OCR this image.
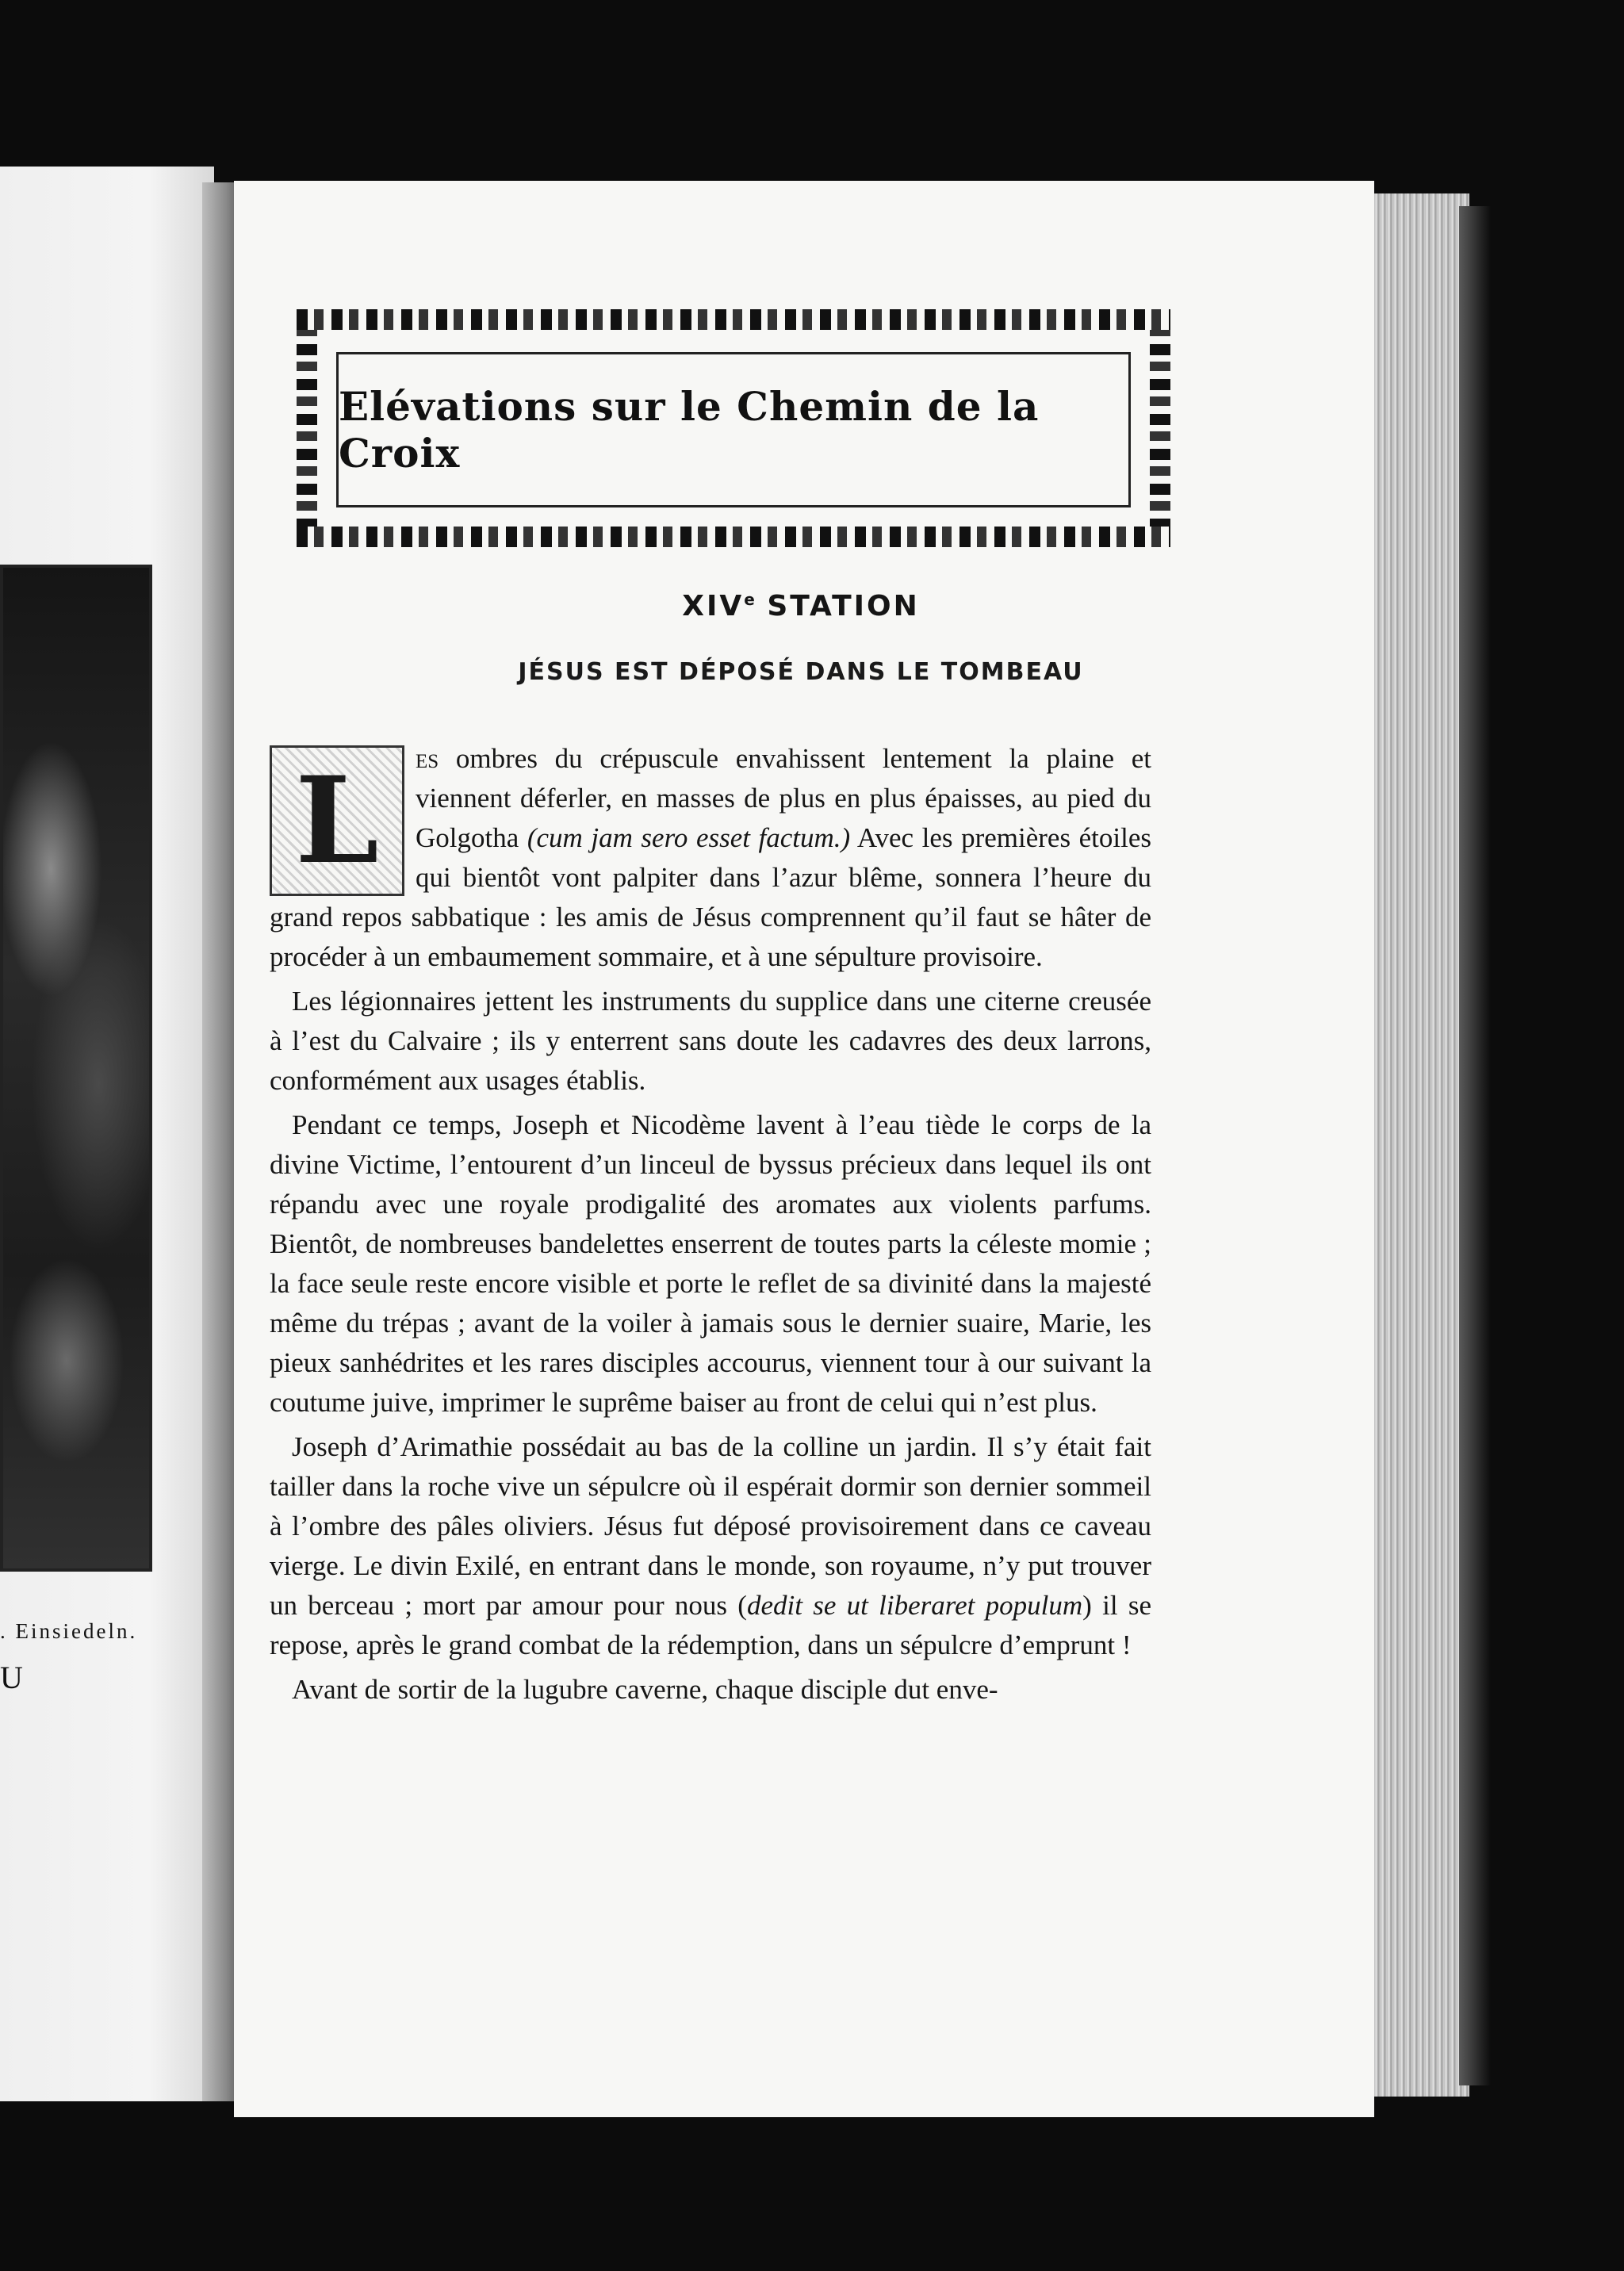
. Einsiedeln.
U
Elévations sur le Chemin de la Croix
XIVe STATION
JÉSUS EST DÉPOSÉ DANS LE TOMBEAU

L	es ombres du crépuscule envahissent lentement la plaine et viennent déferler, en masses de plus en plus épaisses, au pied du Golgotha (cum jam sero esset factum.) Avec les premières étoiles qui bientôt vont palpiter dans l’azur blême, sonnera l’heure du grand repos sabbatique : les amis de Jésus comprennent qu’il faut se hâter de procéder à un embaumement sommaire, et à une sépulture provisoire.

Les légionnaires jettent les instruments du supplice dans une citerne creusée à l’est du Calvaire ; ils y enterrent sans doute les cadavres des deux larrons, conformément aux usages établis.

Pendant ce temps, Joseph et Nicodème lavent à l’eau tiède le corps de la divine Victime, l’entourent d’un linceul de byssus précieux dans lequel ils ont répandu avec une royale prodigalité des aromates aux violents parfums. Bientôt, de nombreuses bandelettes enserrent de toutes parts la céleste momie ; la face seule reste encore visible et porte le reflet de sa divinité dans la majesté même du trépas ; avant de la voiler à jamais sous le dernier suaire, Marie, les pieux sanhédrites et les rares disciples accourus, viennent tour à our suivant la coutume juive, imprimer le suprême baiser au front de celui qui n’est plus.

Joseph d’Arimathie possédait au bas de la colline un jardin. Il s’y était fait tailler dans la roche vive un sépulcre où il espérait dormir son dernier sommeil à l’ombre des pâles oliviers. Jésus fut déposé provisoirement dans ce caveau vierge. Le divin Exilé, en entrant dans le monde, son royaume, n’y put trouver un berceau ; mort par amour pour nous (dedit se ut liberaret populum) il se repose, après le grand combat de la rédemption, dans un sépulcre d’emprunt !

Avant de sortir de la lugubre caverne, chaque disciple dut enve-
